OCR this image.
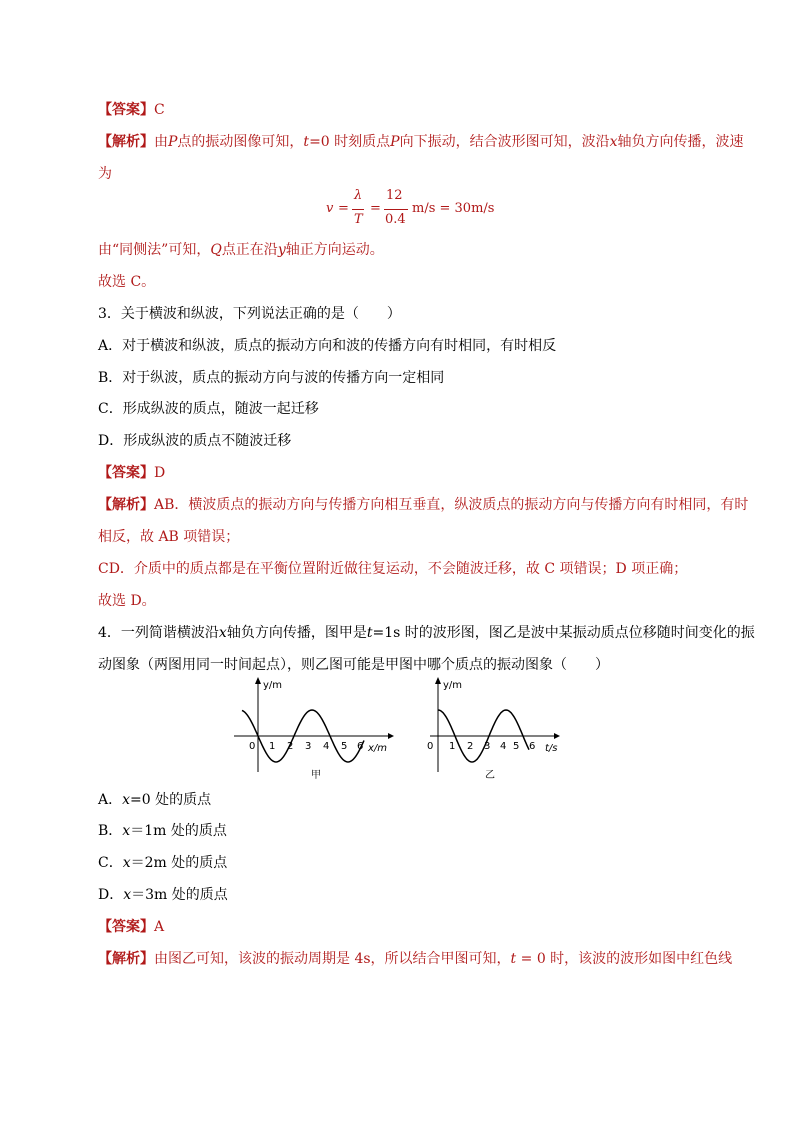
【答案】C
【解析】由P点的振动图像可知，t=0 时刻质点P向下振动，结合波形图可知，波沿x轴负方向传播，波速
为
v =
λ
T
=
12
0.4
m/s = 30m/s
由“同侧法”可知，Q点正在沿y轴正方向运动。
故选 C。
3．关于横波和纵波，下列说法正确的是（　　）
A．对于横波和纵波，质点的振动方向和波的传播方向有时相同，有时相反
B．对于纵波，质点的振动方向与波的传播方向一定相同
C．形成纵波的质点，随波一起迁移
D．形成纵波的质点不随波迁移
【答案】D
【解析】AB．横波质点的振动方向与传播方向相互垂直，纵波质点的振动方向与传播方向有时相同，有时
相反，故 AB 项错误；
CD．介质中的质点都是在平衡位置附近做往复运动，不会随波迁移，故 C 项错误；D 项正确；
故选 D。
4．一列简谐横波沿x轴负方向传播，图甲是t=1s 时的波形图，图乙是波中某振动质点位移随时间变化的振
动图象（两图用同一时间起点），则乙图可能是甲图中哪个质点的振动图象（　　）
y/m
x/m
0 1 2 3 4 5 6
甲
y/m
t/s
0 1 2 3 4 5 6
乙
A．x=0 处的质点
B．x＝1m 处的质点
C．x＝2m 处的质点
D．x＝3m 处的质点
【答案】A
【解析】由图乙可知，该波的振动周期是 4s，所以结合甲图可知，t = 0 时，该波的波形如图中红色线
